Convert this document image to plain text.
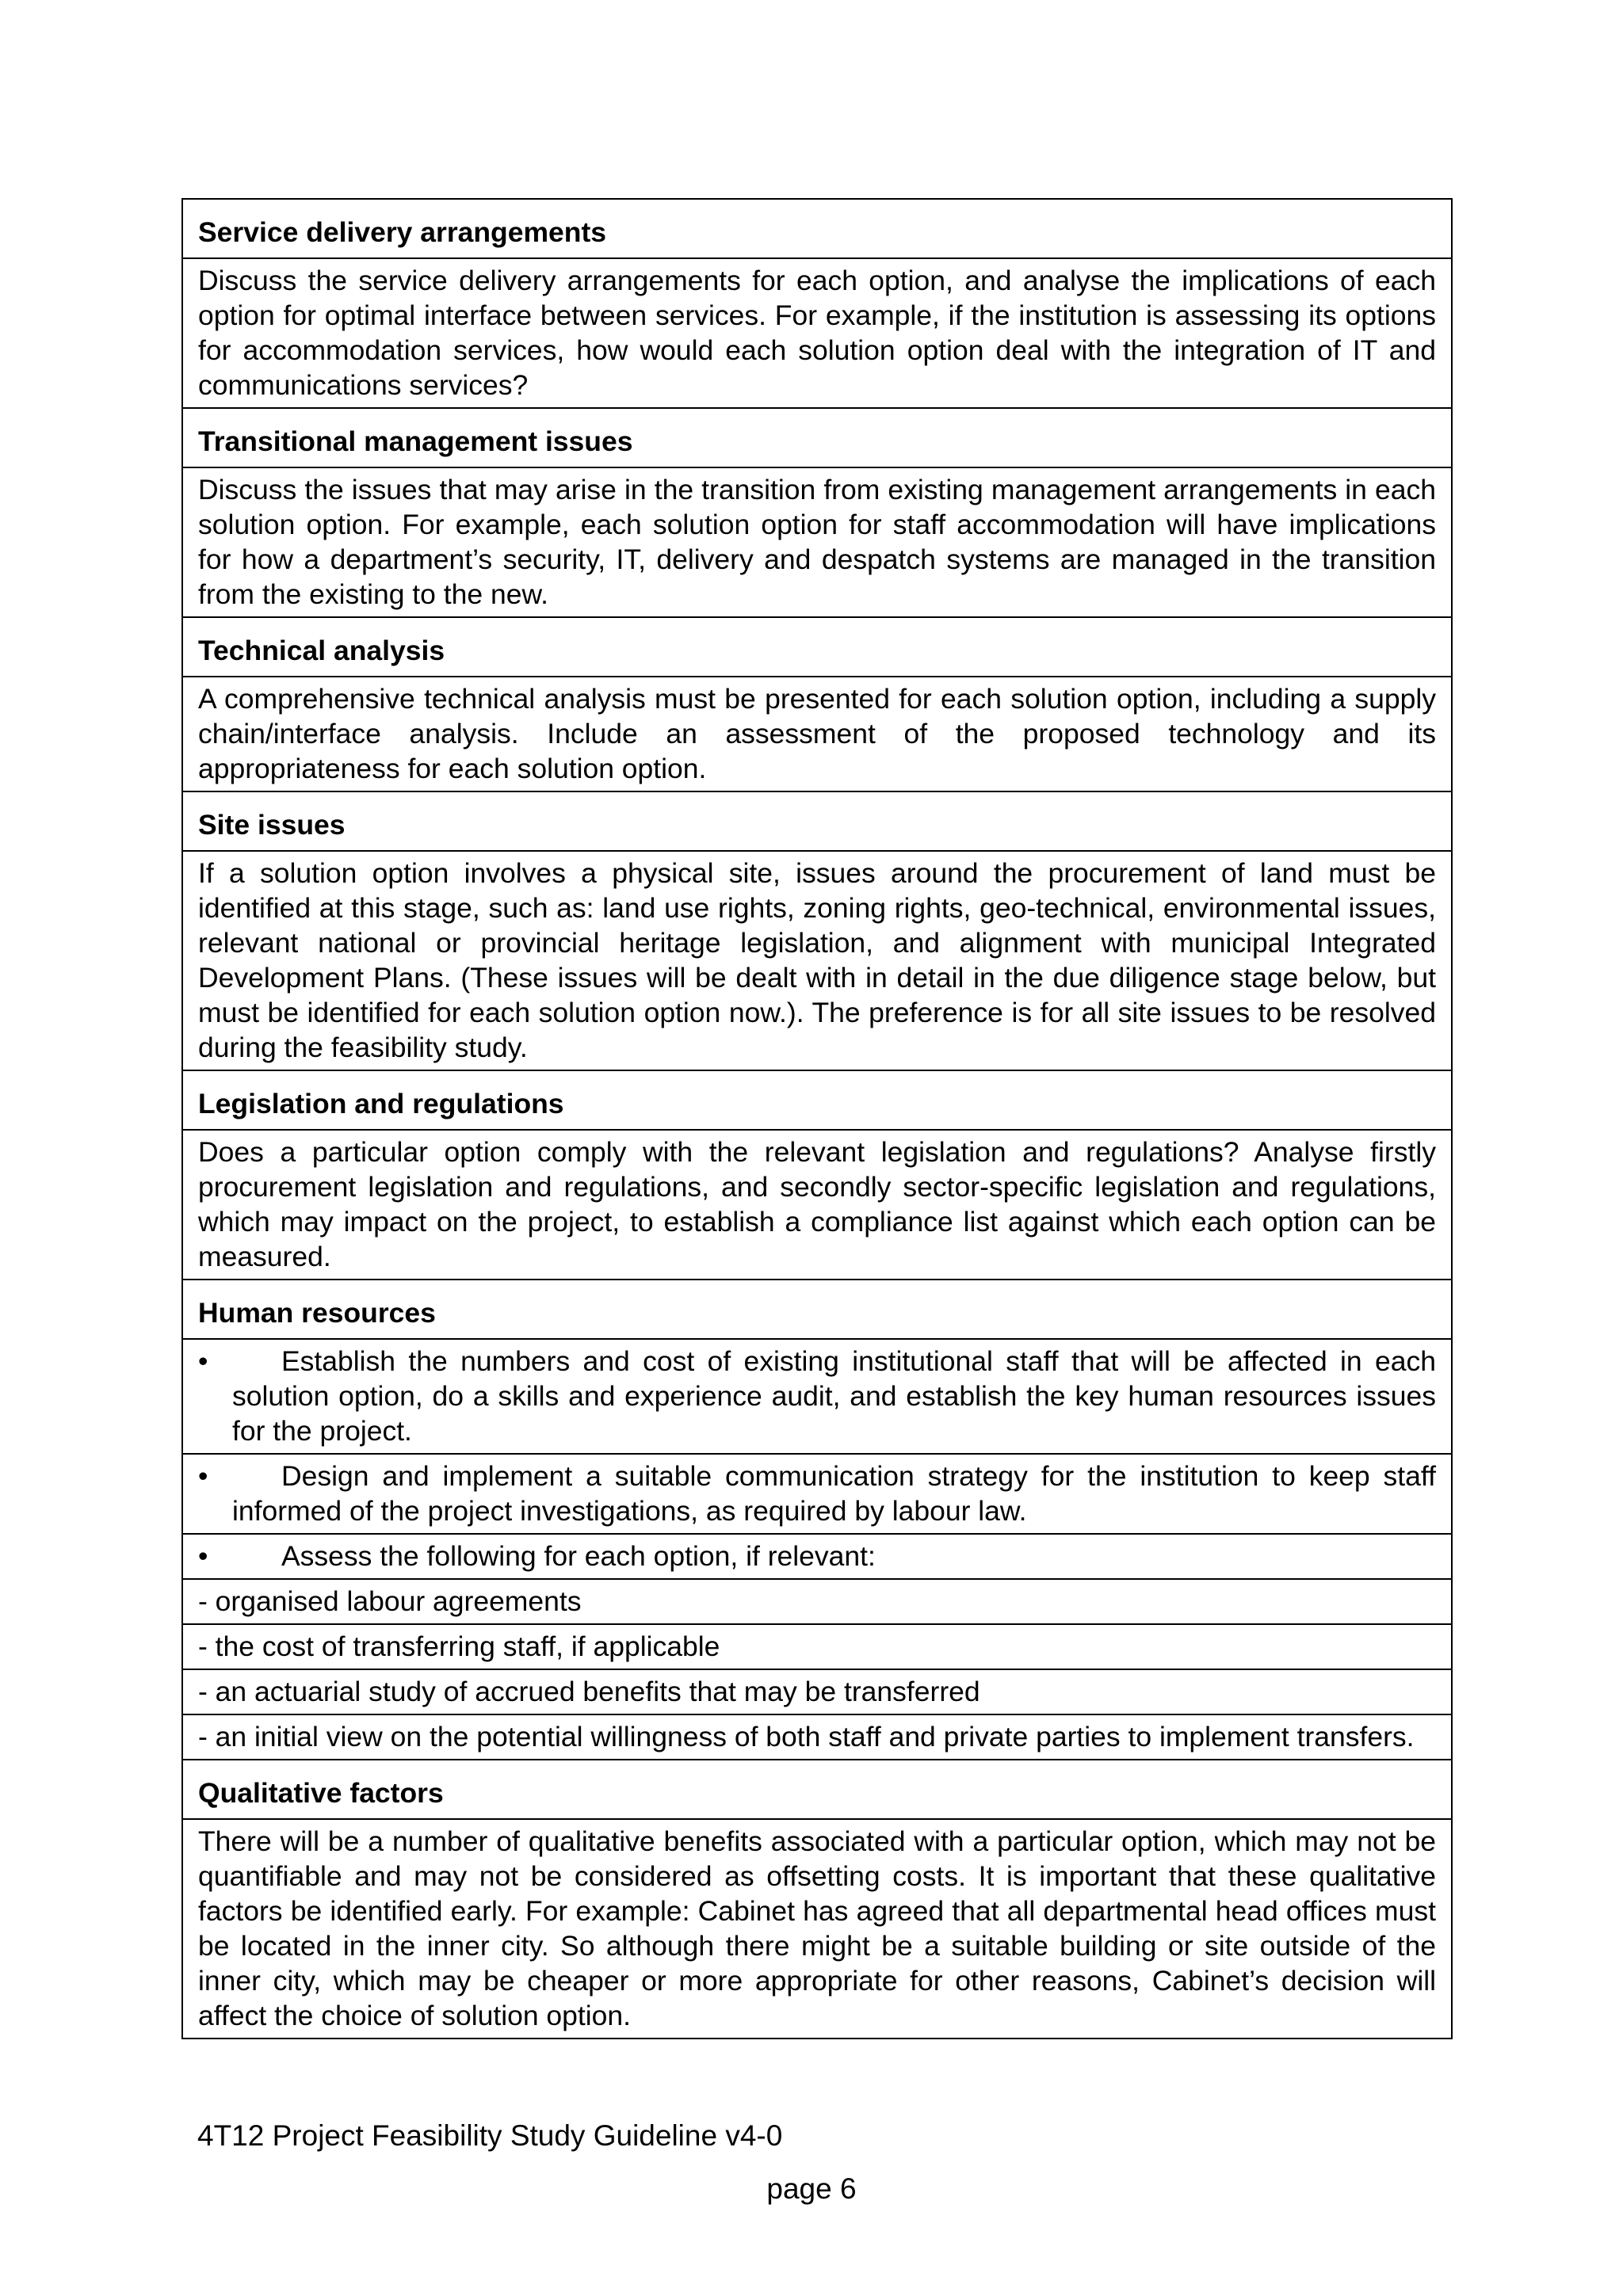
Service delivery arrangements
Discuss the service delivery arrangements for each option, and analyse the implications of each option for optimal interface between services. For example, if the institution is assessing its options for accommodation services, how would each solution option deal with the integration of IT and communications services?
Transitional management issues
Discuss the issues that may arise in the transition from existing management arrangements in each solution option. For example, each solution option for staff accommodation will have implications for how a department’s security, IT, delivery and despatch systems are managed in the transition from the existing to the new.
Technical analysis
A comprehensive technical analysis must be presented for each solution option, including a supply chain/interface analysis. Include an assessment of the proposed technology and its appropriateness for each solution option.
Site issues
If a solution option involves a physical site, issues around the procurement of land must be identified at this stage, such as: land use rights, zoning rights, geo-technical, environmental issues, relevant national or provincial heritage legislation, and alignment with municipal Integrated Development Plans. (These issues will be dealt with in detail in the due diligence stage below, but must be identified for each solution option now.). The preference is for all site issues to be resolved during the feasibility study.
Legislation and regulations
Does a particular option comply with the relevant legislation and regulations? Analyse firstly procurement legislation and regulations, and secondly sector-specific legislation and regulations, which may impact on the project, to establish a compliance list against which each option can be measured.
Human resources
•	Establish the numbers and cost of existing institutional staff that will be affected in each solution option, do a skills and experience audit, and establish the key human resources issues for the project.
•	Design and implement a suitable communication strategy for the institution to keep staff informed of the project investigations, as required by labour law.
•	Assess the following for each option, if relevant:
- organised labour agreements
- the cost of transferring staff, if applicable
- an actuarial study of accrued benefits that may be transferred
- an initial view on the potential willingness of both staff and private parties to implement transfers.
Qualitative factors
There will be a number of qualitative benefits associated with a particular option, which may not be quantifiable and may not be considered as offsetting costs. It is important that these qualitative factors be identified early. For example: Cabinet has agreed that all departmental head offices must be located in the inner city. So although there might be a suitable building or site outside of the inner city, which may be cheaper or more appropriate for other reasons, Cabinet’s decision will affect the choice of solution option.
4T12 Project Feasibility Study Guideline v4-0
page 6
